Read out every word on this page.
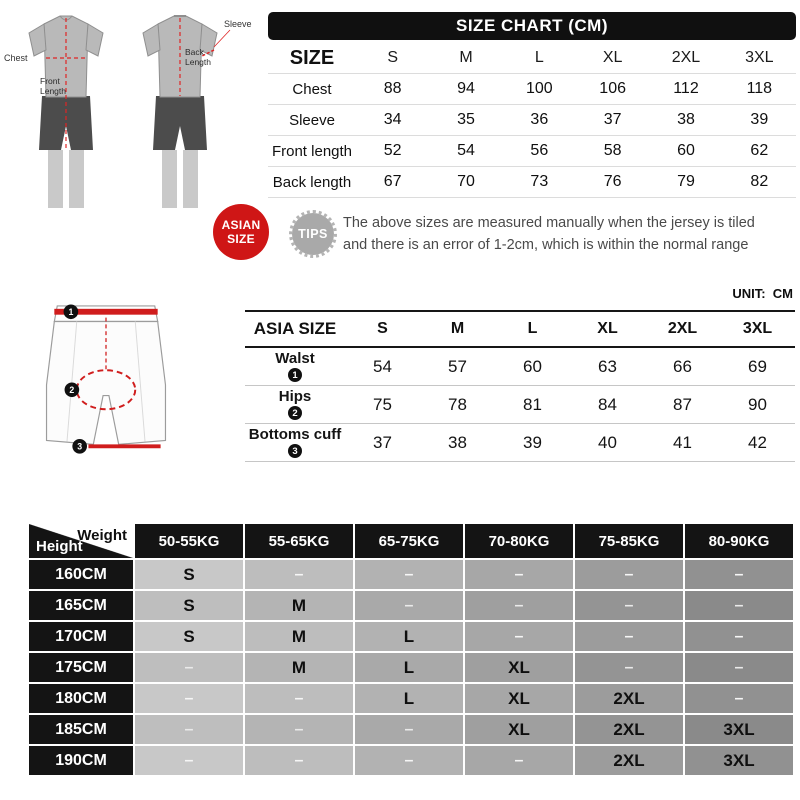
Chest
Front
Length
Back
Length
Sleeve	SIZE CHART (CM)
SIZE	S	M	L	XL	2XL	3XL
Chest	88	94	100	106	112	118
Sleeve	34	35	36	37	38	39
Front length	52	54	56	58	60	62
Back length	67	70	73	76	79	82
ASIAN
SIZE	TIPS
The above sizes are measured manually when the jersey is tiled
and there is an error of 1-2cm, which is within the normal range
UNIT:  CM
1
2
3
ASIA SIZE	S	M	L	XL	2XL	3XL

Walst
1	54	57	60	63	66	69

Hips
2	75	78	81	84	87	90

Bottoms cuff
3	37	38	39	40	41	42
Weight
Height	50-55KG	55-65KG	65-75KG	70-80KG	75-85KG	80-90KG
160CM	S	–	–	–	–	–
165CM	S	M	–	–	–	–
170CM	S	M	L	–	–	–
175CM	–	M	L	XL	–	–
180CM	–	–	L	XL	2XL	–
185CM	–	–	–	XL	2XL	3XL
190CM	–	–	–	–	2XL	3XL
